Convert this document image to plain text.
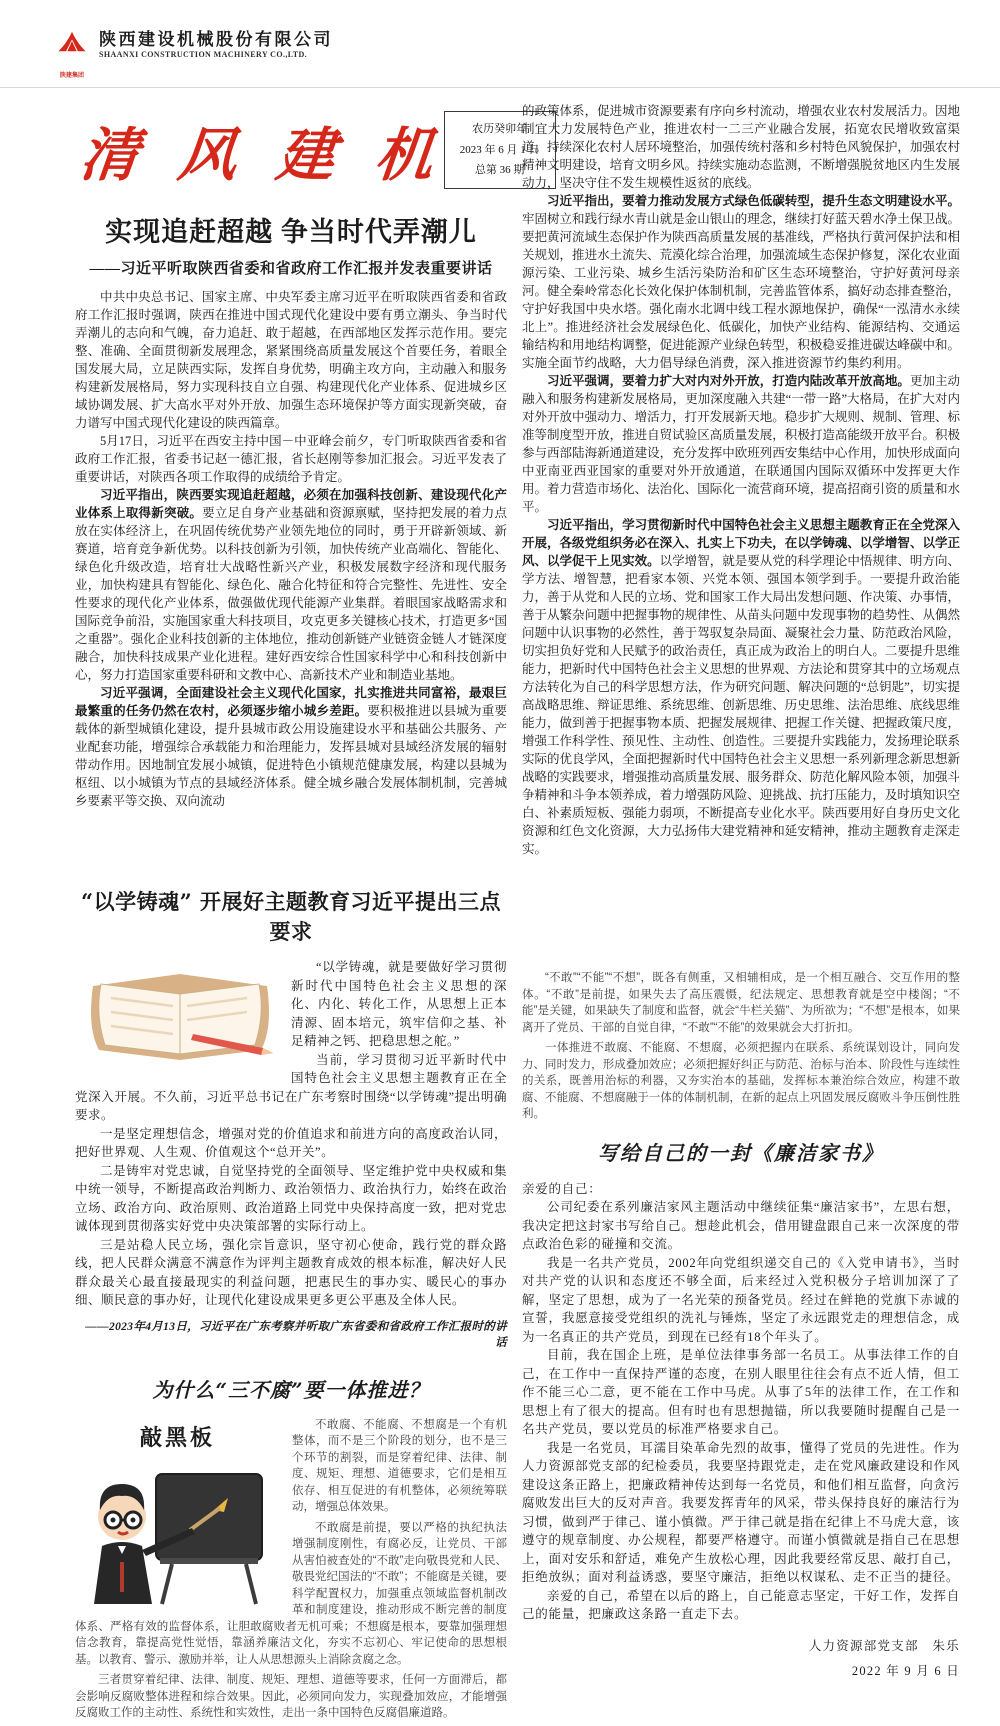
陕建集团
陕西建设机械股份有限公司
SHAANXI CONSTRUCTION MACHINERY CO.,LTD.
清 风 建 机	农历癸卯年
2023 年 6 月 1 日
总第 36 期
实现追赶超越 争当时代弄潮儿
——习近平听取陕西省委和省政府工作汇报并发表重要讲话

中共中央总书记、国家主席、中央军委主席习近平在听取陕西省委和省政府工作汇报时强调，陕西在推进中国式现代化建设中要有勇立潮头、争当时代弄潮儿的志向和气魄，奋力追赶、敢于超越，在西部地区发挥示范作用。要完整、准确、全面贯彻新发展理念，紧紧围绕高质量发展这个首要任务，着眼全国发展大局，立足陕西实际，发挥自身优势，明确主攻方向，主动融入和服务构建新发展格局，努力实现科技自立自强、构建现代化产业体系、促进城乡区域协调发展、扩大高水平对外开放、加强生态环境保护等方面实现新突破，奋力谱写中国式现代化建设的陕西篇章。

5月17日，习近平在西安主持中国－中亚峰会前夕，专门听取陕西省委和省政府工作汇报，省委书记赵一德汇报，省长赵刚等参加汇报会。习近平发表了重要讲话，对陕西各项工作取得的成绩给予肯定。

习近平指出，陕西要实现追赶超越，必须在加强科技创新、建设现代化产业体系上取得新突破。要立足自身产业基础和资源禀赋，坚持把发展的着力点放在实体经济上，在巩固传统优势产业领先地位的同时，勇于开辟新领域、新赛道，培育竞争新优势。以科技创新为引领，加快传统产业高端化、智能化、绿色化升级改造，培育壮大战略性新兴产业，积极发展数字经济和现代服务业，加快构建具有智能化、绿色化、融合化特征和符合完整性、先进性、安全性要求的现代化产业体系，做强做优现代能源产业集群。着眼国家战略需求和国际竞争前沿，实施国家重大科技项目，攻克更多关键核心技术，打造更多“国之重器”。强化企业科技创新的主体地位，推动创新链产业链资金链人才链深度融合，加快科技成果产业化进程。建好西安综合性国家科学中心和科技创新中心，努力打造国家重要科研和文教中心、高新技术产业和制造业基地。

习近平强调，全面建设社会主义现代化国家，扎实推进共同富裕，最艰巨最繁重的任务仍然在农村，必须逐步缩小城乡差距。要积极推进以县城为重要载体的新型城镇化建设，提升县城市政公用设施建设水平和基础公共服务、产业配套功能，增强综合承载能力和治理能力，发挥县城对县域经济发展的辐射带动作用。因地制宜发展小城镇，促进特色小镇规范健康发展，构建以县城为枢纽、以小城镇为节点的县域经济体系。健全城乡融合发展体制机制，完善城乡要素平等交换、双向流动

“以学铸魂” 开展好主题教育习近平提出三点要求

“以学铸魂，就是要做好学习贯彻新时代中国特色社会主义思想的深化、内化、转化工作，从思想上正本清源、固本培元，筑牢信仰之基、补足精神之钙、把稳思想之舵。”

当前，学习贯彻习近平新时代中国特色社会主义思想主题教育正在全党深入开展。不久前，习近平总书记在广东考察时围绕“以学铸魂”提出明确要求。

一是坚定理想信念，增强对党的价值追求和前进方向的高度政治认同，把好世界观、人生观、价值观这个“总开关”。

二是铸牢对党忠诚，自觉坚持党的全面领导、坚定维护党中央权威和集中统一领导，不断提高政治判断力、政治领悟力、政治执行力，始终在政治立场、政治方向、政治原则、政治道路上同党中央保持高度一致，把对党忠诚体现到贯彻落实好党中央决策部署的实际行动上。

三是站稳人民立场，强化宗旨意识，坚守初心使命，践行党的群众路线，把人民群众满意不满意作为评判主题教育成效的根本标准，解决好人民群众最关心最直接最现实的利益问题，把惠民生的事办实、暖民心的事办细、顺民意的事办好，让现代化建设成果更多更公平惠及全体人民。

——2023年4月13日，习近平在广东考察并听取广东省委和省政府工作汇报时的讲话

为什么“三不腐”要一体推进？
敲黑板	不敢腐、不能腐、不想腐是一个有机整体，而不是三个阶段的划分，也不是三个环节的割裂，而是穿着纪律、法律、制度、规矩、理想、道德要求，它们是相互依存、相互促进的有机整体，必须统筹联动，增强总体效果。

不敢腐是前提，要以严格的执纪执法增强制度刚性，有腐必反，让党员、干部从害怕被查处的“不敢”走向敬畏党和人民、敬畏党纪国法的“不敢”；不能腐是关键，要科学配置权力，加强重点领域监督机制改革和制度建设，推动形成不断完善的制度体系、严格有效的监督体系，让胆敢腐败者无机可乘；不想腐是根本，要靠加强理想信念教育，靠提高党性觉悟，靠涵养廉洁文化，夯实不忘初心、牢记使命的思想根基。以教育、警示、激励并举，让人从思想源头上消除贪腐之念。

三者贯穿着纪律、法律、制度、规矩、理想、道德等要求，任何一方面滞后，都会影响反腐败整体进程和综合效果。因此，必须同向发力，实现叠加效应，才能增强反腐败工作的主动性、系统性和实效性，走出一条中国特色反腐倡廉道路。

的政策体系，促进城市资源要素有序向乡村流动，增强农业农村发展活力。因地制宜大力发展特色产业，推进农村一二三产业融合发展，拓宽农民增收致富渠道。持续深化农村人居环境整治，加强传统村落和乡村特色风貌保护，加强农村精神文明建设，培育文明乡风。持续实施动态监测，不断增强脱贫地区内生发展动力，坚决守住不发生规模性返贫的底线。

习近平指出，要着力推动发展方式绿色低碳转型，提升生态文明建设水平。牢固树立和践行绿水青山就是金山银山的理念，继续打好蓝天碧水净土保卫战。要把黄河流域生态保护作为陕西高质量发展的基准线，严格执行黄河保护法和相关规划，推进水土流失、荒漠化综合治理，加强流域生态保护修复，深化农业面源污染、工业污染、城乡生活污染防治和矿区生态环境整治，守护好黄河母亲河。健全秦岭常态化长效化保护体制机制，完善监管体系，搞好动态排查整治，守护好我国中央水塔。强化南水北调中线工程水源地保护，确保“一泓清水永续北上”。推进经济社会发展绿色化、低碳化，加快产业结构、能源结构、交通运输结构和用地结构调整，促进能源产业绿色转型，积极稳妥推进碳达峰碳中和。实施全面节约战略，大力倡导绿色消费，深入推进资源节约集约利用。

习近平强调，要着力扩大对内对外开放，打造内陆改革开放高地。更加主动融入和服务构建新发展格局，更加深度融入共建“一带一路”大格局，在扩大对内对外开放中强动力、增活力，打开发展新天地。稳步扩大规则、规制、管理、标准等制度型开放，推进自贸试验区高质量发展，积极打造高能级开放平台。积极参与西部陆海新通道建设，充分发挥中欧班列西安集结中心作用，加快形成面向中亚南亚西亚国家的重要对外开放通道，在联通国内国际双循环中发挥更大作用。着力营造市场化、法治化、国际化一流营商环境，提高招商引资的质量和水平。

习近平指出，学习贯彻新时代中国特色社会主义思想主题教育正在全党深入开展，各级党组织务必在深入、扎实上下功夫，在以学铸魂、以学增智、以学正风、以学促干上见实效。以学增智，就是要从党的科学理论中悟规律、明方向、学方法、增智慧，把看家本领、兴党本领、强国本领学到手。一要提升政治能力，善于从党和人民的立场、党和国家工作大局出发想问题、作决策、办事情，善于从繁杂问题中把握事物的规律性、从苗头问题中发现事物的趋势性、从偶然问题中认识事物的必然性，善于驾驭复杂局面、凝聚社会力量、防范政治风险，切实担负好党和人民赋予的政治责任，真正成为政治上的明白人。二要提升思维能力，把新时代中国特色社会主义思想的世界观、方法论和贯穿其中的立场观点方法转化为自己的科学思想方法，作为研究问题、解决问题的“总钥匙”，切实提高战略思维、辩证思维、系统思维、创新思维、历史思维、法治思维、底线思维能力，做到善于把握事物本质、把握发展规律、把握工作关键、把握政策尺度，增强工作科学性、预见性、主动性、创造性。三要提升实践能力，发扬理论联系实际的优良学风，全面把握新时代中国特色社会主义思想一系列新理念新思想新战略的实践要求，增强推动高质量发展、服务群众、防范化解风险本领，加强斗争精神和斗争本领养成，着力增强防风险、迎挑战、抗打压能力，及时填知识空白、补素质短板、强能力弱项，不断提高专业化水平。陕西要用好自身历史文化资源和红色文化资源，大力弘扬伟大建党精神和延安精神，推动主题教育走深走实。

“不敢”“不能”“不想”，既各有侧重，又相辅相成，是一个相互融合、交互作用的整体。“不敢”是前提，如果失去了高压震慑，纪法规定、思想教育就是空中楼阁；“不能”是关键，如果缺失了制度和监督，就会“牛栏关猫”、为所欲为；“不想”是根本，如果离开了党员、干部的自觉自律，“不敢”“不能”的效果就会大打折扣。

一体推进不敢腐、不能腐、不想腐，必须把握内在联系、系统谋划设计，同向发力、同时发力，形成叠加效应；必须把握好纠正与防范、治标与治本、阶段性与连续性的关系，既善用治标的利器，又夯实治本的基础，发挥标本兼治综合效应，构建不敢腐、不能腐、不想腐融于一体的体制机制，在新的起点上巩固发展反腐败斗争压倒性胜利。

写给自己的一封《廉洁家书》

亲爱的自己：

公司纪委在系列廉洁家风主题活动中继续征集“廉洁家书”，左思右想，我决定把这封家书写给自己。想趁此机会，借用键盘跟自己来一次深度的带点政治色彩的碰撞和交流。

我是一名共产党员，2002年向党组织递交自己的《入党申请书》，当时对共产党的认识和态度还不够全面，后来经过入党积极分子培训加深了了解，坚定了思想，成为了一名光荣的预备党员。经过在鲜艳的党旗下赤诚的宣誓，我愿意接受党组织的洗礼与锤炼，坚定了永远跟党走的理想信念，成为一名真正的共产党员，到现在已经有18个年头了。

目前，我在国企上班，是单位法律事务部一名员工。从事法律工作的自己，在工作中一直保持严谨的态度，在别人眼里往往会有点不近人情，但工作不能三心二意，更不能在工作中马虎。从事了5年的法律工作，在工作和思想上有了很大的提高。但有时也有思想抛锚，所以我要随时提醒自己是一名共产党员，要以党员的标准严格要求自己。

我是一名党员，耳濡目染革命先烈的故事，懂得了党员的先进性。作为人力资源部党支部的纪检委员，我要坚持跟党走，走在党风廉政建设和作风建设这条正路上，把廉政精神传达到每一名党员，和他们相互监督，向贪污腐败发出巨大的反对声音。我要发挥青年的风采，带头保持良好的廉洁行为习惯，做到严于律己、谨小慎微。严于律己就是指在纪律上不马虎大意，该遵守的规章制度、办公规程，都要严格遵守。而谨小慎微就是指自己在思想上，面对安乐和舒适，难免产生放松心理，因此我要经常反思、敲打自己，拒绝放纵；面对利益诱惑，要坚守廉洁，拒绝以权谋私、走不正当的捷径。

亲爱的自己，希望在以后的路上，自己能意志坚定，干好工作，发挥自己的能量，把廉政这条路一直走下去。

人力资源部党支部　朱乐
2022 年 9 月 6 日
